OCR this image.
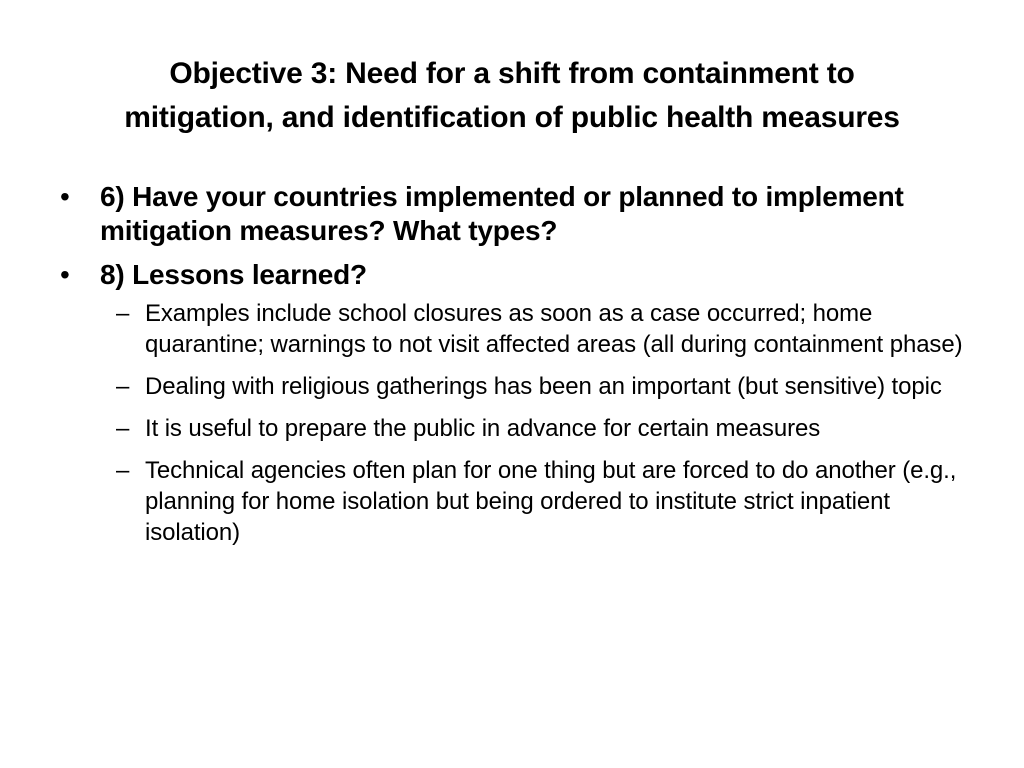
Objective 3: Need for a shift from containment to
mitigation, and identification of public health measures
• 6) Have your countries implemented or planned to implement mitigation measures? What types?
• 8) Lessons learned?
– Examples include school closures as soon as a case occurred; home quarantine; warnings to not visit affected areas (all during containment phase)
– Dealing with religious gatherings has been an important (but sensitive) topic
– It is useful to prepare the public in advance for certain measures
– Technical agencies often plan for one thing but are forced to do another (e.g., planning for home isolation but being ordered to institute strict inpatient isolation)
